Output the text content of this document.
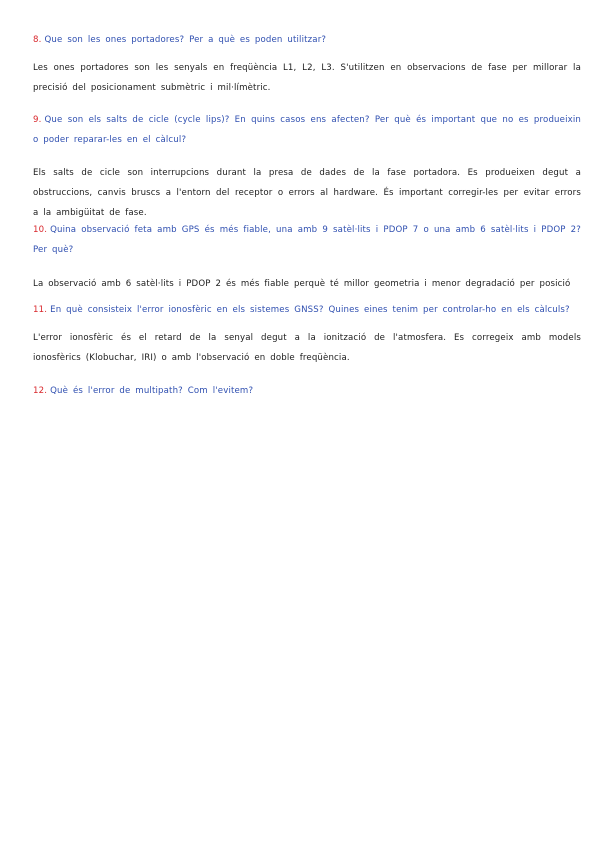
8. Que son les ones portadores? Per a què es poden utilitzar?
Les ones portadores son les senyals en freqüència L1, L2, L3. S'utilitzen en observacions de fase per millorar la precisió del posicionament submètric i mil·límètric.
9. Que son els salts de cicle (cycle lips)? En quins casos ens afecten? Per què és important que no es produeixin o poder reparar-les en el càlcul?
Els salts de cicle son interrupcions durant la presa de dades de la fase portadora. Es produeixen degut a obstruccions, canvis bruscs a l'entorn del receptor o errors al hardware. És important corregir-les per evitar errors a la ambigüitat de fase.
10. Quina observació feta amb GPS és més fiable, una amb 9 satèl·lits i PDOP 7 o una amb 6 satèl·lits i PDOP 2? Per què?
La observació amb 6 satèl·lits i PDOP 2 és més fiable perquè té millor geometria i menor degradació per posició
11. En què consisteix l'error ionosfèric en els sistemes GNSS? Quines eines tenim per controlar-ho en els càlculs?
L'error ionosfèric és el retard de la senyal degut a la ionització de l'atmosfera. Es corregeix amb models ionosfèrics (Klobuchar, IRI) o amb l'observació en doble freqüència.
12. Què és l'error de multipath? Com l'evitem?
